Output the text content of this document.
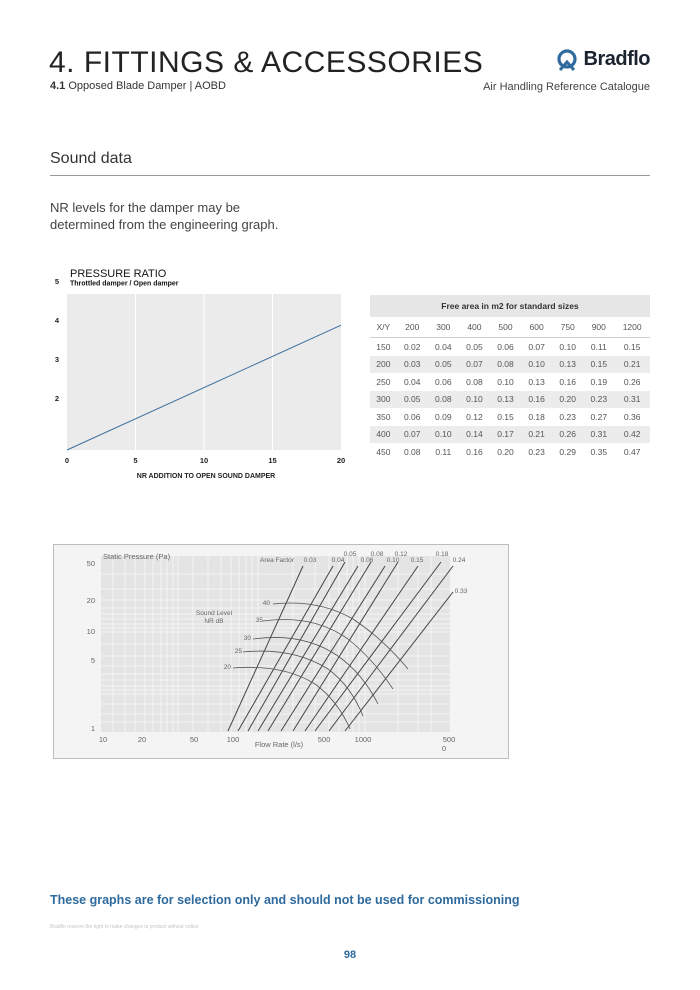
4. FITTINGS & ACCESSORIES
4.1 Opposed Blade Damper | AOBD
Bradflo
Air Handling Reference Catalogue
Sound data
NR levels for the damper may be determined from the engineering graph.
PRESSURE RATIO
Throttled damper / Open damper
0	5	10	15	20
2
3
4
5
NR ADDITION TO OPEN SOUND DAMPER
Free area in m2 for standard sizes								
X/Y	200	300	400	500	600	750	900	1200
150	0.02	0.04	0.05	0.06	0.07	0.10	0.11	0.15
200	0.03	0.05	0.07	0.08	0.10	0.13	0.15	0.21
250	0.04	0.06	0.08	0.10	0.13	0.16	0.19	0.26
300	0.05	0.08	0.10	0.13	0.16	0.20	0.23	0.31
350	0.06	0.09	0.12	0.15	0.18	0.23	0.27	0.36
400	0.07	0.10	0.14	0.17	0.21	0.26	0.31	0.42
450	0.08	0.11	0.16	0.20	0.23	0.29	0.35	0.47
50
20
10
5
1
10	20	50	100	500	1000	500
0
0.03 0.04
0.05
0.06
0.08
0.10
0.12
0.15
0.18
0.24
0.33
40
35
30
25
20
Static Pressure (Pa)	Area Factor
Sound Level
NR dB
Flow Rate (l/s)
These graphs are for selection only and should not be used for commissioning
Bradflo reserve the right to make changes to product without notice
98
